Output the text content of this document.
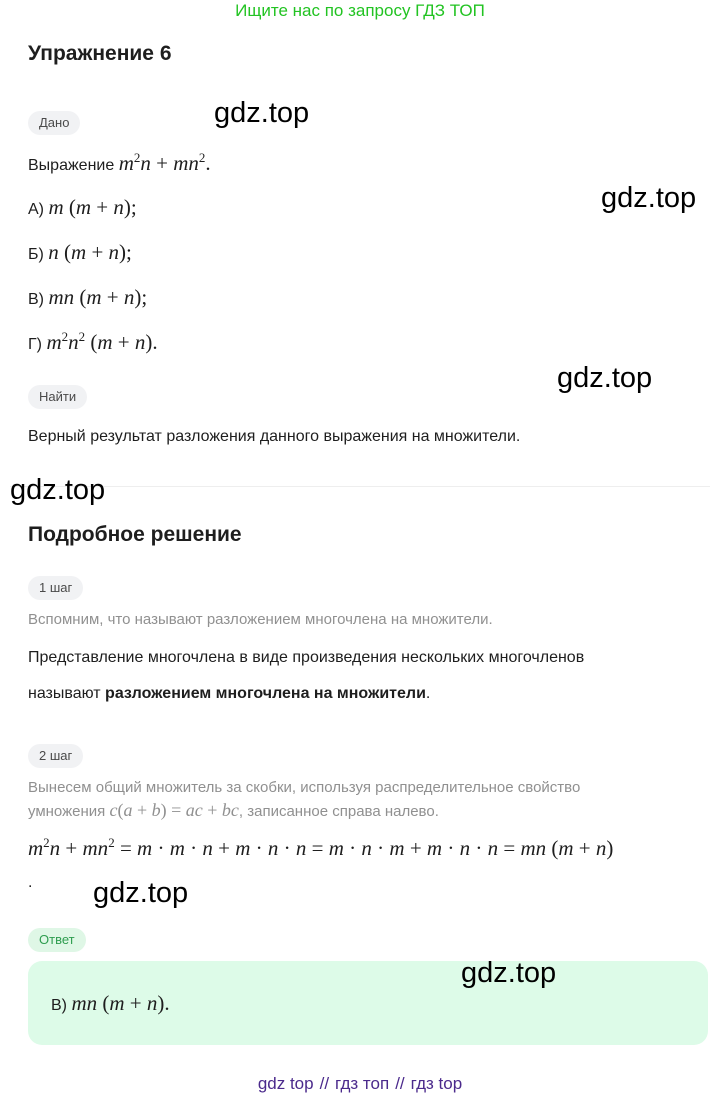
Ищите нас по запросу ГДЗ ТОП
Упражнение 6
Дано
Выражение $m^2n + mn^2$.
А) m (m + n);
Б) n (m + n);
В) mn (m + n);
Г) $m^2n^2$ (m + n).
Найти
Верный результат разложения данного выражения на множители.
Подробное решение
1 шаг
Вспомним, что называют разложением многочлена на множители.
Представление многочлена в виде произведения нескольких многочленов
называют разложением многочлена на множители.
2 шаг
Вынесем общий множитель за скобки, используя распределительное свойство
умножения c(a + b) = ac + bc, записанное справа налево.
$m^2n + mn^2 = m \cdot m \cdot n + m \cdot n \cdot n = m \cdot n \cdot m + m \cdot n \cdot n$ = mn (m + n)
.
Ответ
В) mn (m + n).
gdz.top
gdz.top
gdz.top
gdz.top
gdz.top
gdz.top
gdz top // гдз топ // гдз top
